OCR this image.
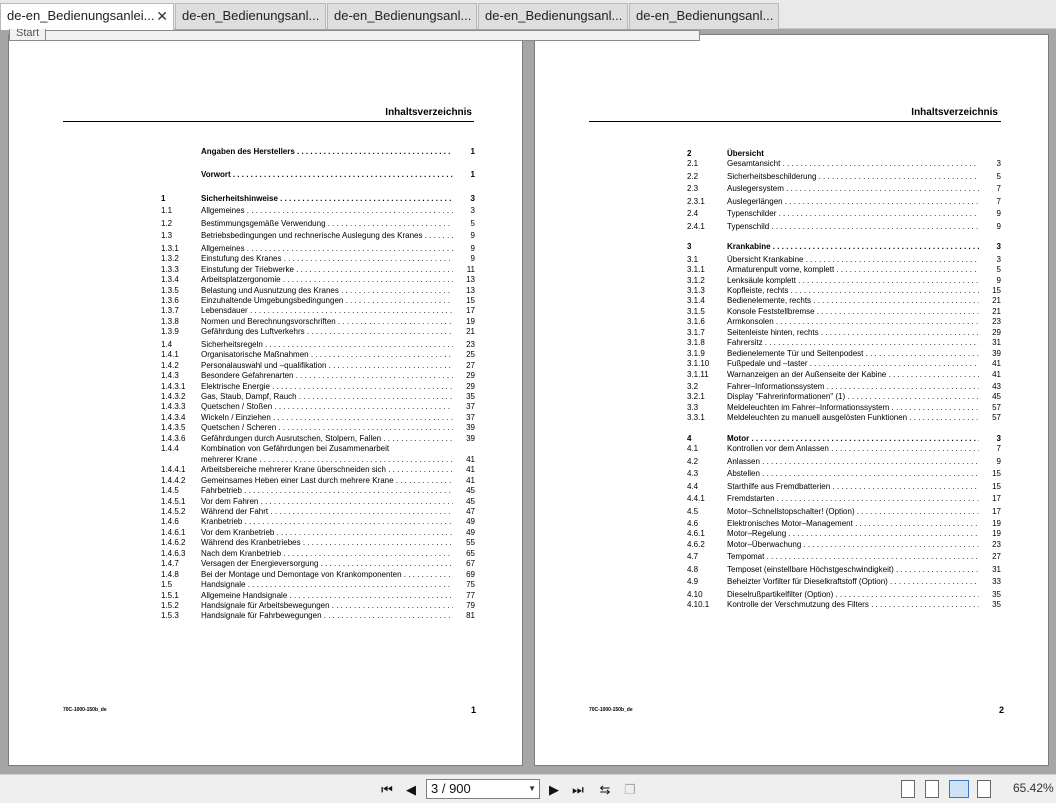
de-en_Bedienungsanlei... ✕	de-en_Bedienungsanl...	de-en_Bedienungsanl...	de-en_Bedienungsanl...	de-en_Bedienungsanl...
Start
Inhaltsverzeichnis
Angaben des Herstellers . . .	1
Vorwort . . .	1
1	Sicherheitshinweise . . .	3
1.1	Allgemeines . . .	3
1.2	Bestimmungsgemäße Verwendung . . .	5
1.3	Betriebsbedingungen und rechnerische Auslegung des Kranes . . .	9
1.3.1	Allgemeines . . .	9
1.3.2	Einstufung des Kranes . . .	9
1.3.3	Einstufung der Triebwerke . . .	11
1.3.4	Arbeitsplatzergonomie . . .	13
1.3.5	Belastung und Ausnutzung des Kranes . . .	13
1.3.6	Einzuhaltende Umgebungsbedingungen . . .	15
1.3.7	Lebensdauer . . .	17
1.3.8	Normen und Berechnungsvorschriften . . .	19
1.3.9	Gefährdung des Luftverkehrs . . .	21
1.4	Sicherheitsregeln . . .	23
1.4.1	Organisatorische Maßnahmen . . .	25
1.4.2	Personalauswahl und –qualifikation . . .	27
1.4.3	Besondere Gefahrenarten . . .	29
1.4.3.1 Elektrische Energie . . .	29
1.4.3.2 Gas, Staub, Dampf, Rauch . . .	35
1.4.3.3 Quetschen / Stoßen . . .	37
1.4.3.4 Wickeln / Einziehen . . .	37
1.4.3.5 Quetschen / Scheren . . .	39
1.4.3.6 Gefährdungen durch Ausrutschen, Stolpern, Fallen . . .	39
1.4.4	Kombination von Gefährdungen bei Zusammenarbeit
mehrerer Krane . . .	41
1.4.4.1 Arbeitsbereiche mehrerer Krane überschneiden sich . . .	41
1.4.4.2 Gemeinsames Heben einer Last durch mehrere Krane . . .	41
1.4.5	Fahrbetrieb . . .	45
1.4.5.1 Vor dem Fahren . . .	45
1.4.5.2 Während der Fahrt . . .	47
1.4.6	Kranbetrieb . . .	49
1.4.6.1 Vor dem Kranbetrieb . . .	49
1.4.6.2 Während des Kranbetriebes . . .	55
1.4.6.3 Nach dem Kranbetrieb . . .	65
1.4.7	Versagen der Energieversorgung . . .	67
1.4.8	Bei der Montage und Demontage von Krankomponenten . . .	69
1.5	Handsignale . . .	75
1.5.1	Allgemeine Handsignale . . .	77
1.5.2	Handsignale für Arbeitsbewegungen . . .	79
1.5.3	Handsignale für Fahrbewegungen . . .	81
70C-1000-150b_de	1
Inhaltsverzeichnis
2	Übersicht
2.1	Gesamtansicht . . .	3
2.2	Sicherheitsbeschilderung . . .	5
2.3	Auslegersystem . . .	7
2.3.1	Auslegerlängen . . .	7
2.4	Typenschilder . . .	9
2.4.1	Typenschild . . .	9
3	Krankabine . . .	3
3.1	Übersicht Krankabine . . .	3
3.1.1	Armaturenpult vorne, komplett . . .	5
3.1.2	Lenksäule komplett . . .	9
3.1.3	Kopfleiste, rechts . . .	15
3.1.4	Bedienelemente, rechts . . .	21
3.1.5	Konsole Feststellbremse . . .	21
3.1.6	Armkonsolen . . .	23
3.1.7	Seitenleiste hinten, rechts . . .	29
3.1.8	Fahrersitz . . .	31
3.1.9	Bedienelemente Tür und Seitenpodest . . .	39
3.1.10 Fußpedale und –taster . . .	41
3.1.11 Warnanzeigen an der Außenseite der Kabine . . .	41
3.2	Fahrer–Informationssystem . . .	43
3.2.1	Display "Fahrerinformationen" (1) . . .	45
3.3	Meldeleuchten im Fahrer–Informationssystem . . .	57
3.3.1	Meldeleuchten zu manuell ausgelösten Funktionen . . .	57
4	Motor . . .	3
4.1	Kontrollen vor dem Anlassen . . .	7
4.2	Anlassen . . .	9
4.3	Abstellen . . .	15
4.4	Starthilfe aus Fremdbatterien . . .	15
4.4.1	Fremdstarten . . .	17
4.5	Motor–Schnellstopschalter! (Option) . . .	17
4.6	Elektronisches Motor–Management . . .	19
4.6.1	Motor–Regelung . . .	19
4.6.2	Motor–Überwachung . . .	23
4.7	Tempomat . . .	27
4.8	Temposet (einstellbare Höchstgeschwindigkeit) . . .	31
4.9	Beheizter Vorfilter für Dieselkraftstoff (Option) . . .	33
4.10	Dieselrußpartikelfilter (Option) . . .	35
4.10.1 Kontrolle der Verschmutzung des Filters . . .	35
70C-1000-150b_de	2
⏮	◀	3 / 900	▼	▶	⏭ ⇆ ❐	65.42%
